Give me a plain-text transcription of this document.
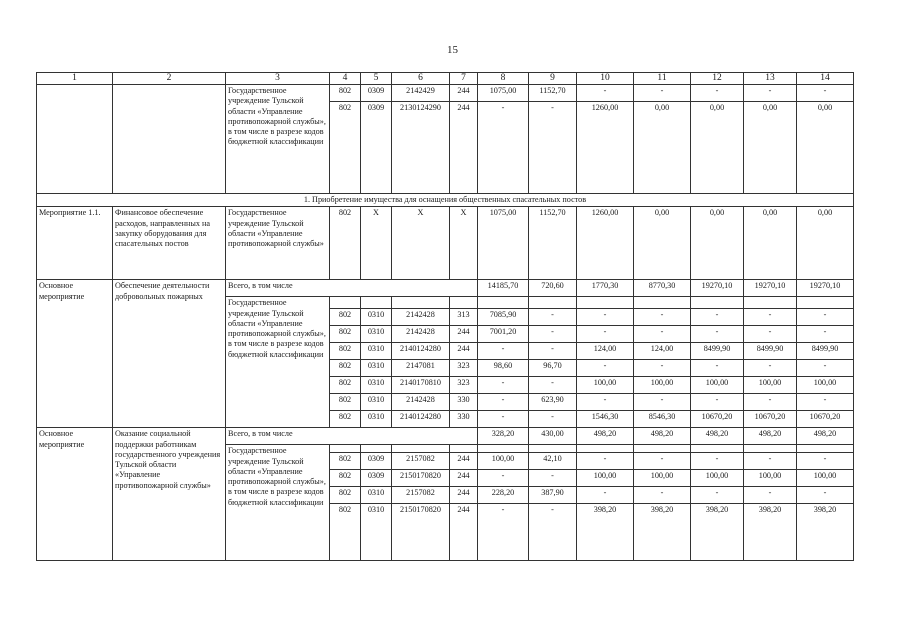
15
1	2	3	4	5	6	7	8	9	10	11	12	13	14
		Государственное учреждение Тульской области «Управление противопожарной службы», в том числе в разрезе кодов бюджетной классификации	802	0309	2142429	244	1075,00	1152,70	-	-	-	-	-
			802	0309	2130124290	244	-	-	1260,00	0,00	0,00	0,00	0,00
1. Приобретение имущества для оснащения общественных спасательных постов													
Мероприятие 1.1.	Финансовое обеспечение расходов, направленных на закупку оборудования для спасательных постов	Государственное учреждение Тульской области «Управление противопожарной службы»	802	X	X	X	1075,00	1152,70	1260,00	0,00	0,00	0,00	0,00
Основное мероприятие	Обеспечение деятельности добровольных пожарных	Всего, в том числе					14185,70	720,60	1770,30	8770,30	19270,10	19270,10	19270,10
		Государственное учреждение Тульской области «Управление противопожарной службы», в том числе в разрезе кодов бюджетной классификации											
			802	0310	2142428	313	7085,90	-	-	-	-	-	-
			802	0310	2142428	244	7001,20	-	-	-	-	-	-
			802	0310	2140124280	244	-	-	124,00	124,00	8499,90	8499,90	8499,90
			802	0310	2147081	323	98,60	96,70	-	-	-	-	-
			802	0310	2140170810	323	-	-	100,00	100,00	100,00	100,00	100,00
			802	0310	2142428	330	-	623,90	-	-	-	-	-
			802	0310	2140124280	330	-	-	1546,30	8546,30	10670,20	10670,20	10670,20
Основное мероприятие	Оказание социальной поддержки работникам государственного учреждения Тульской области «Управление противопожарной службы»	Всего, в том числе					328,20	430,00	498,20	498,20	498,20	498,20	498,20
		Государственное учреждение Тульской области «Управление противопожарной службы», в том числе в разрезе кодов бюджетной классификации											
			802	0309	2157082	244	100,00	42,10	-	-	-	-	-
			802	0309	2150170820	244	-	-	100,00	100,00	100,00	100,00	100,00
			802	0310	2157082	244	228,20	387,90	-	-	-	-	-
			802	0310	2150170820	244	-	-	398,20	398,20	398,20	398,20	398,20
